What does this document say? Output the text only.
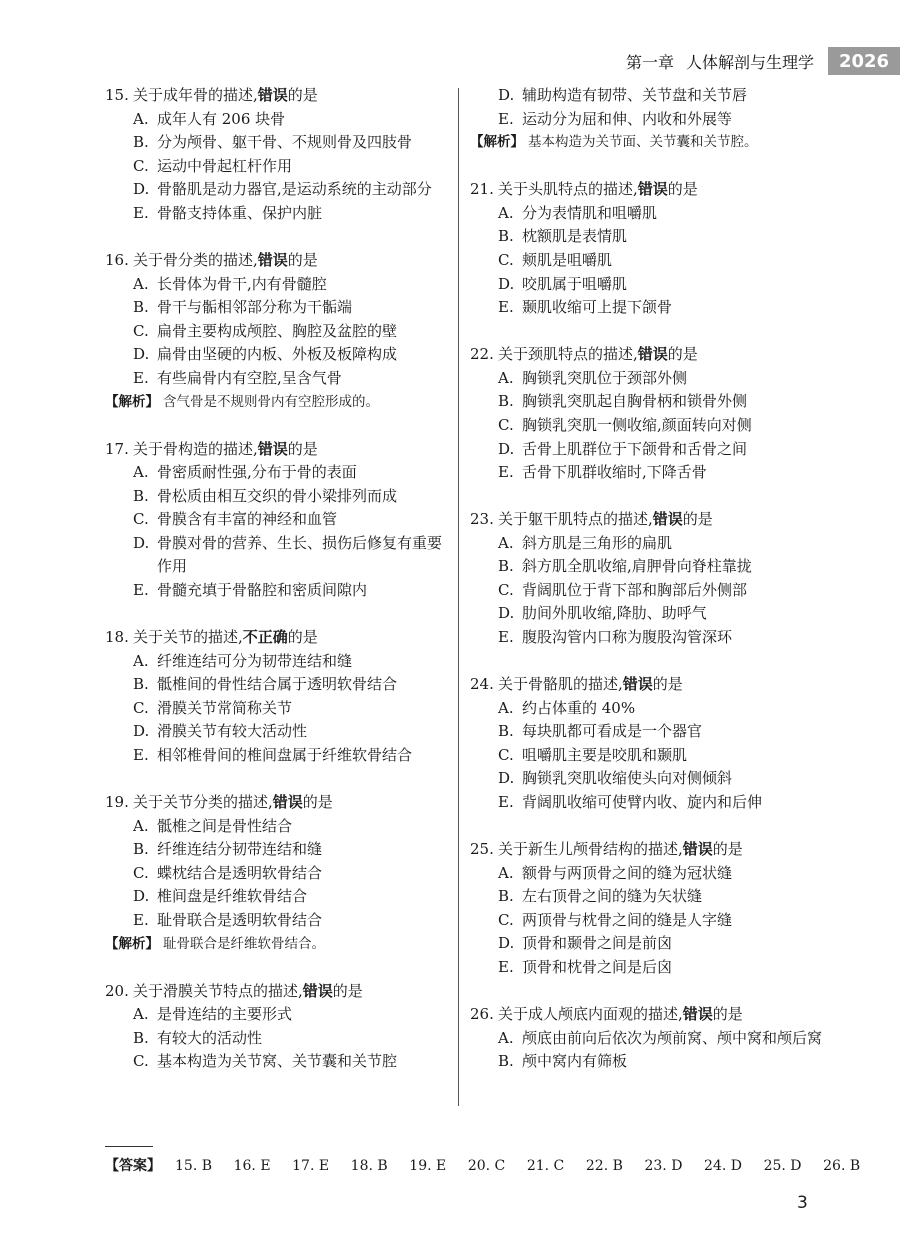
第一章 人体解剖与生理学	2026
15. 关于成年骨的描述,错误的是
A. 成年人有 206 块骨
B. 分为颅骨、躯干骨、不规则骨及四肢骨
C. 运动中骨起杠杆作用
D. 骨骼肌是动力器官,是运动系统的主动部分
E. 骨骼支持体重、保护内脏
16. 关于骨分类的描述,错误的是
A. 长骨体为骨干,内有骨髓腔
B. 骨干与骺相邻部分称为干骺端
C. 扁骨主要构成颅腔、胸腔及盆腔的壁
D. 扁骨由坚硬的内板、外板及板障构成
E. 有些扁骨内有空腔,呈含气骨
【解析】 含气骨是不规则骨内有空腔形成的。
17. 关于骨构造的描述,错误的是
A. 骨密质耐性强,分布于骨的表面
B. 骨松质由相互交织的骨小梁排列而成
C. 骨膜含有丰富的神经和血管
D. 骨膜对骨的营养、生长、损伤后修复有重要作用
E. 骨髓充填于骨骼腔和密质间隙内
18. 关于关节的描述,不正确的是
A. 纤维连结可分为韧带连结和缝
B. 骶椎间的骨性结合属于透明软骨结合
C. 滑膜关节常简称关节
D. 滑膜关节有较大活动性
E. 相邻椎骨间的椎间盘属于纤维软骨结合
19. 关于关节分类的描述,错误的是
A. 骶椎之间是骨性结合
B. 纤维连结分韧带连结和缝
C. 蝶枕结合是透明软骨结合
D. 椎间盘是纤维软骨结合
E. 耻骨联合是透明软骨结合
【解析】 耻骨联合是纤维软骨结合。
20. 关于滑膜关节特点的描述,错误的是
A. 是骨连结的主要形式
B. 有较大的活动性
C. 基本构造为关节窝、关节囊和关节腔
D. 辅助构造有韧带、关节盘和关节唇
E. 运动分为屈和伸、内收和外展等
【解析】 基本构造为关节面、关节囊和关节腔。
21. 关于头肌特点的描述,错误的是
A. 分为表情肌和咀嚼肌
B. 枕额肌是表情肌
C. 颊肌是咀嚼肌
D. 咬肌属于咀嚼肌
E. 颞肌收缩可上提下颌骨
22. 关于颈肌特点的描述,错误的是
A. 胸锁乳突肌位于颈部外侧
B. 胸锁乳突肌起自胸骨柄和锁骨外侧
C. 胸锁乳突肌一侧收缩,颜面转向对侧
D. 舌骨上肌群位于下颌骨和舌骨之间
E. 舌骨下肌群收缩时,下降舌骨
23. 关于躯干肌特点的描述,错误的是
A. 斜方肌是三角形的扁肌
B. 斜方肌全肌收缩,肩胛骨向脊柱靠拢
C. 背阔肌位于背下部和胸部后外侧部
D. 肋间外肌收缩,降肋、助呼气
E. 腹股沟管内口称为腹股沟管深环
24. 关于骨骼肌的描述,错误的是
A. 约占体重的 40%
B. 每块肌都可看成是一个器官
C. 咀嚼肌主要是咬肌和颞肌
D. 胸锁乳突肌收缩使头向对侧倾斜
E. 背阔肌收缩可使臂内收、旋内和后伸
25. 关于新生儿颅骨结构的描述,错误的是
A. 额骨与两顶骨之间的缝为冠状缝
B. 左右顶骨之间的缝为矢状缝
C. 两顶骨与枕骨之间的缝是人字缝
D. 顶骨和颞骨之间是前囟
E. 顶骨和枕骨之间是后囟
26. 关于成人颅底内面观的描述,错误的是
A. 颅底由前向后依次为颅前窝、颅中窝和颅后窝
B. 颅中窝内有筛板
【答案】 15. B 16. E 17. E 18. B 19. E 20. C 21. C 22. B 23. D 24. D 25. D 26. B
3
